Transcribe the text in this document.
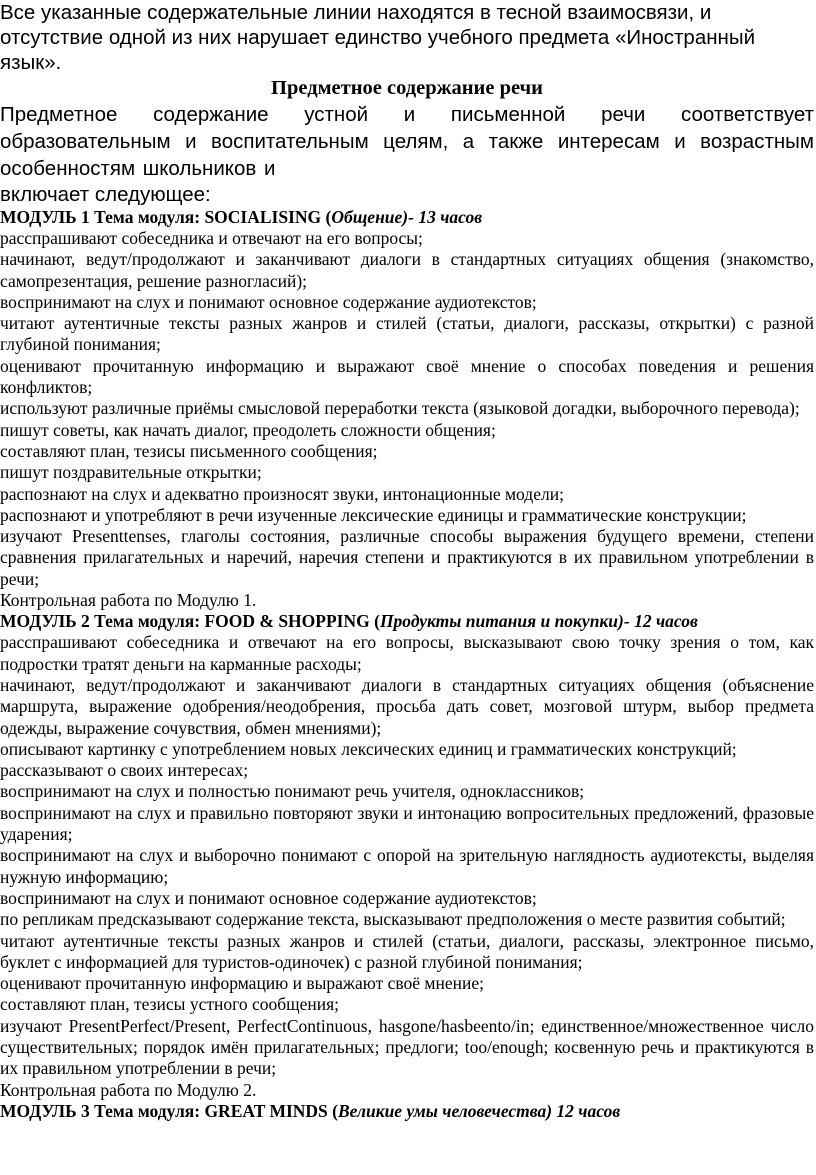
Все указанные содержательные линии находятся в тесной взаимосвязи, и отсутствие одной из них нарушает единство учебного предмета «Иностранный язык».

Предметное содержание речи

Предметное содержание устной и письменной речи соответствует образовательным и воспитательным целям, а также интересам и возрастным особенностям школьников и

включает следующее:

МОДУЛЬ 1 Тема модуля: SOCIALISING (Общение)- 13 часов

расспрашивают собеседника и отвечают на его вопросы;

начинают, ведут/продолжают и заканчивают диалоги в стандартных ситуациях общения (знакомство, самопрезентация, решение разногласий);

воспринимают на слух и понимают основное содержание аудиотекстов;

читают аутентичные тексты разных жанров и стилей (статьи, диалоги, рассказы, открытки) с разной глубиной понимания;

оценивают прочитанную информацию и выражают своё мнение о способах поведения и решения конфликтов;

используют различные приёмы смысловой переработки текста (языковой догадки, выборочного перевода);

пишут советы, как начать диалог, преодолеть сложности общения;

составляют план, тезисы письменного сообщения;

пишут поздравительные открытки;

распознают на слух и адекватно произносят звуки, интонационные модели;

распознают и употребляют в речи изученные лексические единицы и грамматические конструкции;

изучают Presenttenses, глаголы состояния, различные способы выражения будущего времени, степени сравнения прилагательных и наречий, наречия степени и практикуются в их правильном употреблении в речи;

Контрольная работа по Модулю 1.

МОДУЛЬ 2 Тема модуля: FOOD & SHOPPING (Продукты питания и покупки)- 12 часов

расспрашивают собеседника и отвечают на его вопросы, высказывают свою точку зрения о том, как подростки тратят деньги на карманные расходы;

начинают, ведут/продолжают и заканчивают диалоги в стандартных ситуациях общения (объяснение маршрута, выражение одобрения/неодобрения, просьба дать совет, мозговой штурм, выбор предмета одежды, выражение сочувствия, обмен мнениями);

описывают картинку с употреблением новых лексических единиц и грамматических конструкций;

рассказывают о своих интересах;

воспринимают на слух и полностью понимают речь учителя, одноклассников;

воспринимают на слух и правильно повторяют звуки и интонацию вопросительных предложений, фразовые ударения;

воспринимают на слух и выборочно понимают с опорой на зрительную наглядность аудиотексты, выделяя нужную информацию;

воспринимают на слух и понимают основное содержание аудиотекстов;

по репликам предсказывают содержание текста, высказывают предположения о месте развития событий;

читают аутентичные тексты разных жанров и стилей (статьи, диалоги, рассказы, электронное письмо, буклет с информацией для туристов-одиночек) с разной глубиной понимания;

оценивают прочитанную информацию и выражают своё мнение;

составляют план, тезисы устного сообщения;

изучают PresentPerfect/Present, PerfectContinuous, hasgone/hasbeento/in; единственное/множественное число существительных; порядок имён прилагательных; предлоги; too/enough; косвенную речь и практикуются в их правильном употреблении в речи;

Контрольная работа по Модулю 2.

МОДУЛЬ 3 Тема модуля: GREAT MINDS (Великие умы человечества) 12 часов
